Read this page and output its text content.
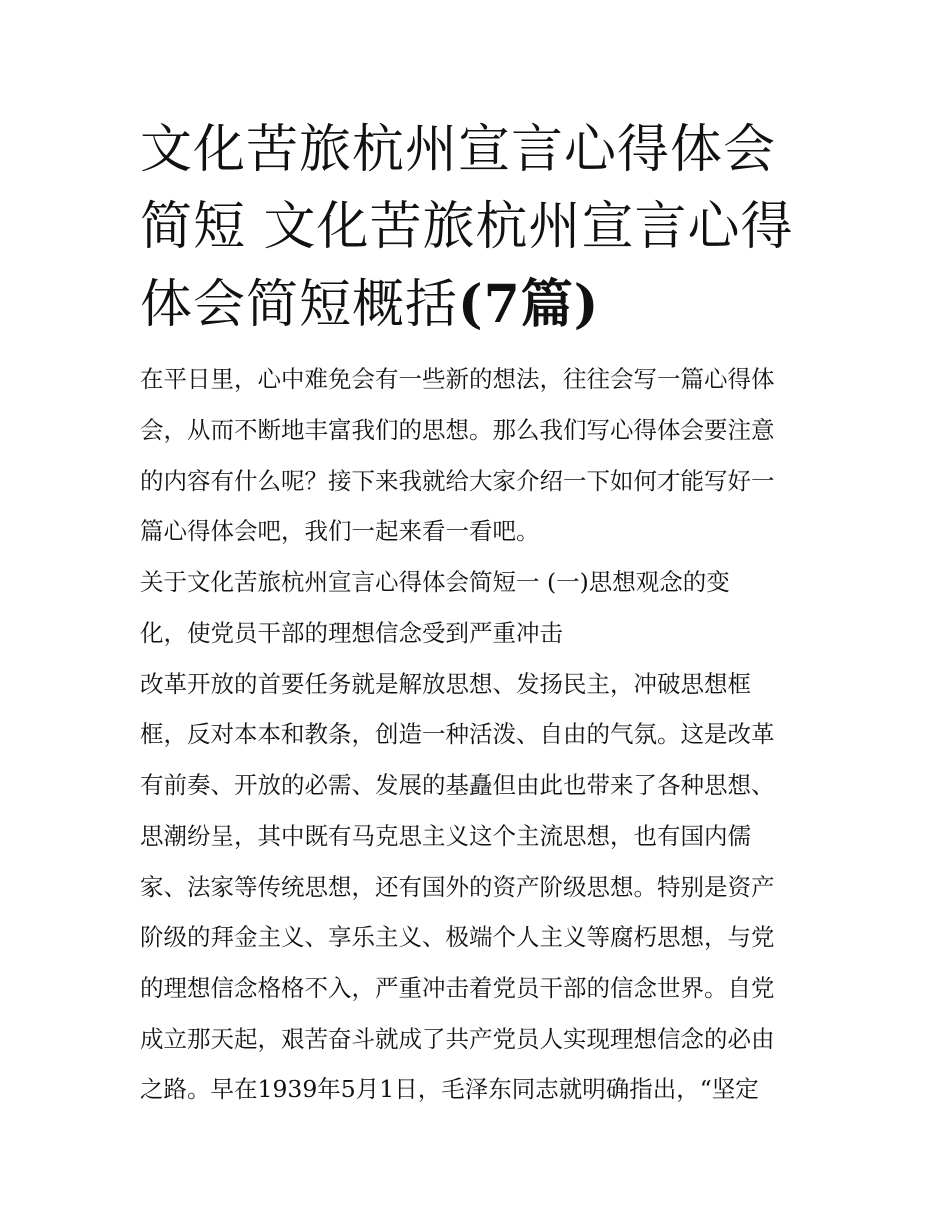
文化苦旅杭州宣言心得体会简短 文化苦旅杭州宣言心得体会简短概括(7篇)

在平日里，心中难免会有一些新的想法，往往会写一篇心得体

会，从而不断地丰富我们的思想。那么我们写心得体会要注意

的内容有什么呢？接下来我就给大家介绍一下如何才能写好一

篇心得体会吧，我们一起来看一看吧。

关于文化苦旅杭州宣言心得体会简短一 (一)思想观念的变

化，使党员干部的理想信念受到严重冲击

改革开放的首要任务就是解放思想、发扬民主，冲破思想框

框，反对本本和教条，创造一种活泼、自由的气氛。这是改革

有前奏、开放的必需、发展的基矗但由此也带来了各种思想、

思潮纷呈，其中既有马克思主义这个主流思想，也有国内儒

家、法家等传统思想，还有国外的资产阶级思想。特别是资产

阶级的拜金主义、享乐主义、极端个人主义等腐朽思想，与党

的理想信念格格不入，严重冲击着党员干部的信念世界。自党

成立那天起，艰苦奋斗就成了共产党员人实现理想信念的必由

之路。早在1939年5月1日，毛泽东同志就明确指出，“坚定
